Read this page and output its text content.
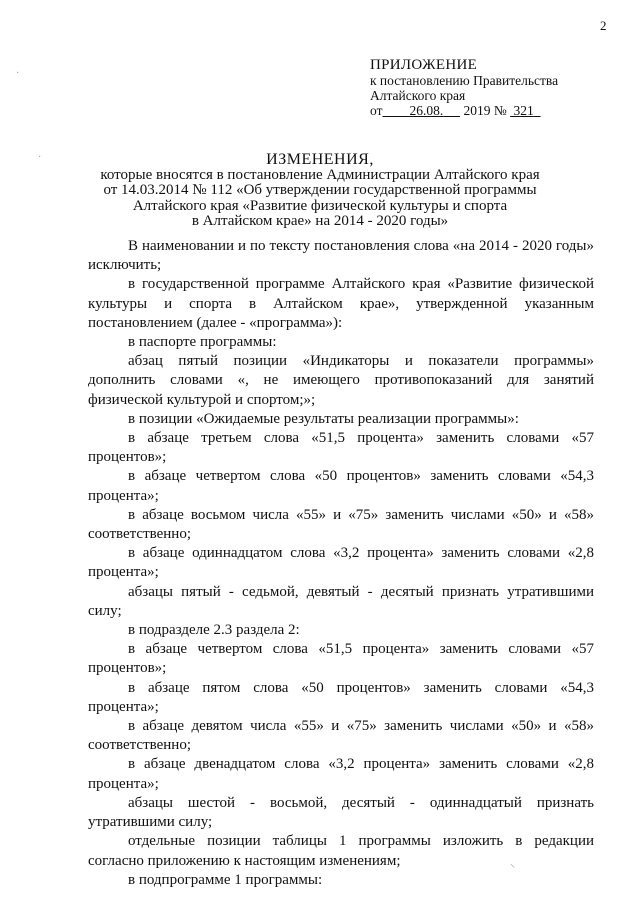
2
ПРИЛОЖЕНИЕ
к постановлению Правительства
Алтайского края
от 26.08. 2019 № 321
ИЗМЕНЕНИЯ,
которые вносятся в постановление Администрации Алтайского края
от 14.03.2014 № 112 «Об утверждении государственной программы
Алтайского края «Развитие физической культуры и спорта
в Алтайском крае» на 2014 - 2020 годы»

В наименовании и по тексту постановления слова «на 2014 - 2020 годы» исключить;

в государственной программе Алтайского края «Развитие физической культуры и спорта в Алтайском крае», утвержденной указанным постановлением (далее - «программа»):

в паспорте программы:

абзац пятый позиции «Индикаторы и показатели программы» дополнить словами «, не имеющего противопоказаний для занятий физической культурой и спортом;»;

в позиции «Ожидаемые результаты реализации программы»:

в абзаце третьем слова «51,5 процента» заменить словами «57 процентов»;

в абзаце четвертом слова «50 процентов» заменить словами «54,3 процента»;

в абзаце восьмом числа «55» и «75» заменить числами «50» и «58» соответственно;

в абзаце одиннадцатом слова «3,2 процента» заменить словами «2,8 процента»;

абзацы пятый - седьмой, девятый - десятый признать утратившими силу;

в подразделе 2.3 раздела 2:

в абзаце четвертом слова «51,5 процента» заменить словами «57 процентов»;

в абзаце пятом слова «50 процентов» заменить словами «54,3 процента»;

в абзаце девятом числа «55» и «75» заменить числами «50» и «58» соответственно;

в абзаце двенадцатом слова «3,2 процента» заменить словами «2,8 процента»;

абзацы шестой - восьмой, десятый - одиннадцатый признать утратившими силу;

отдельные позиции таблицы 1 программы изложить в редакции согласно приложению к настоящим изменениям;

в подпрограмме 1 программы:

·
·
⸌
